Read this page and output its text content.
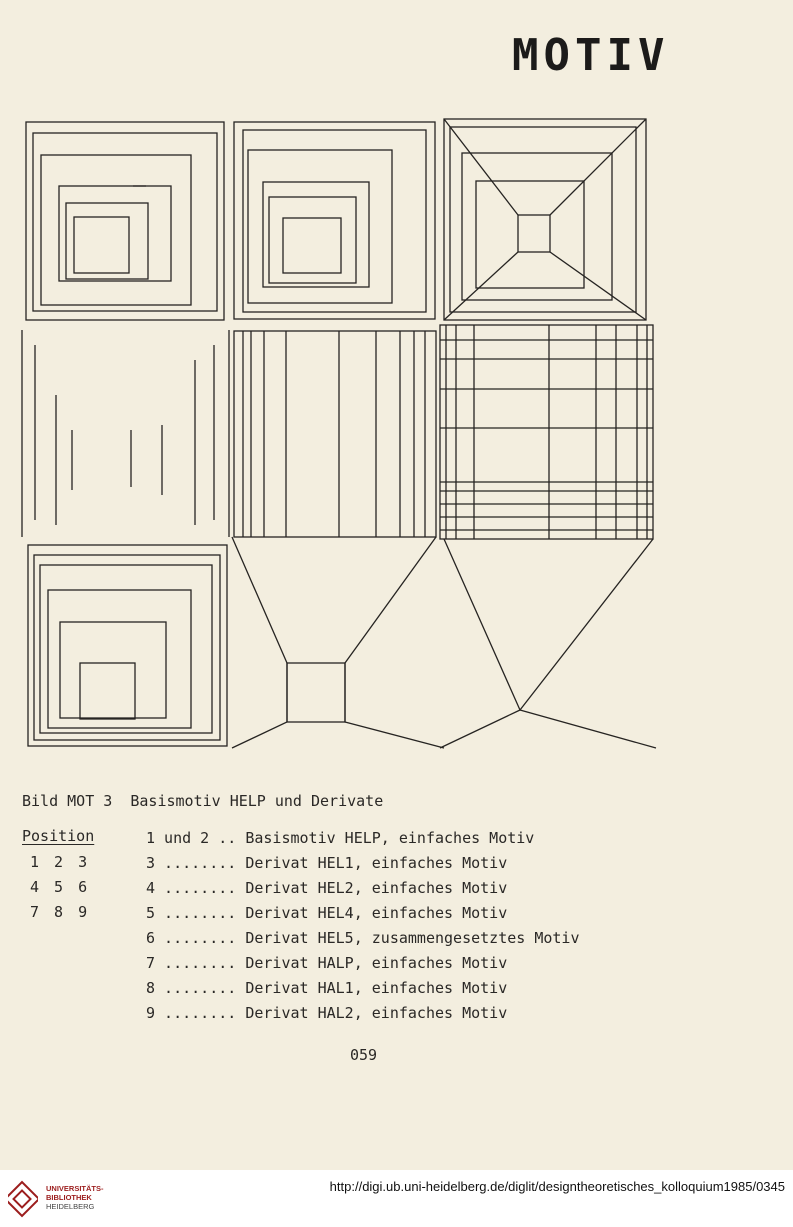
MOTIV
Bild MOT 3  Basismotiv HELP und Derivate
Position
1 2 3
4 5 6
7 8 9
1 und 2 .. Basismotiv HELP, einfaches Motiv
3 ........ Derivat HEL1, einfaches Motiv
4 ........ Derivat HEL2, einfaches Motiv
5 ........ Derivat HEL4, einfaches Motiv
6 ........ Derivat HEL5, zusammengesetztes Motiv
7 ........ Derivat HALP, einfaches Motiv
8 ........ Derivat HAL1, einfaches Motiv
9 ........ Derivat HAL2, einfaches Motiv
059
UNIVERSITÄTS-
BIBLIOTHEK
HEIDELBERG
http://digi.ub.uni-heidelberg.de/diglit/designtheoretisches_kolloquium1985/0345
